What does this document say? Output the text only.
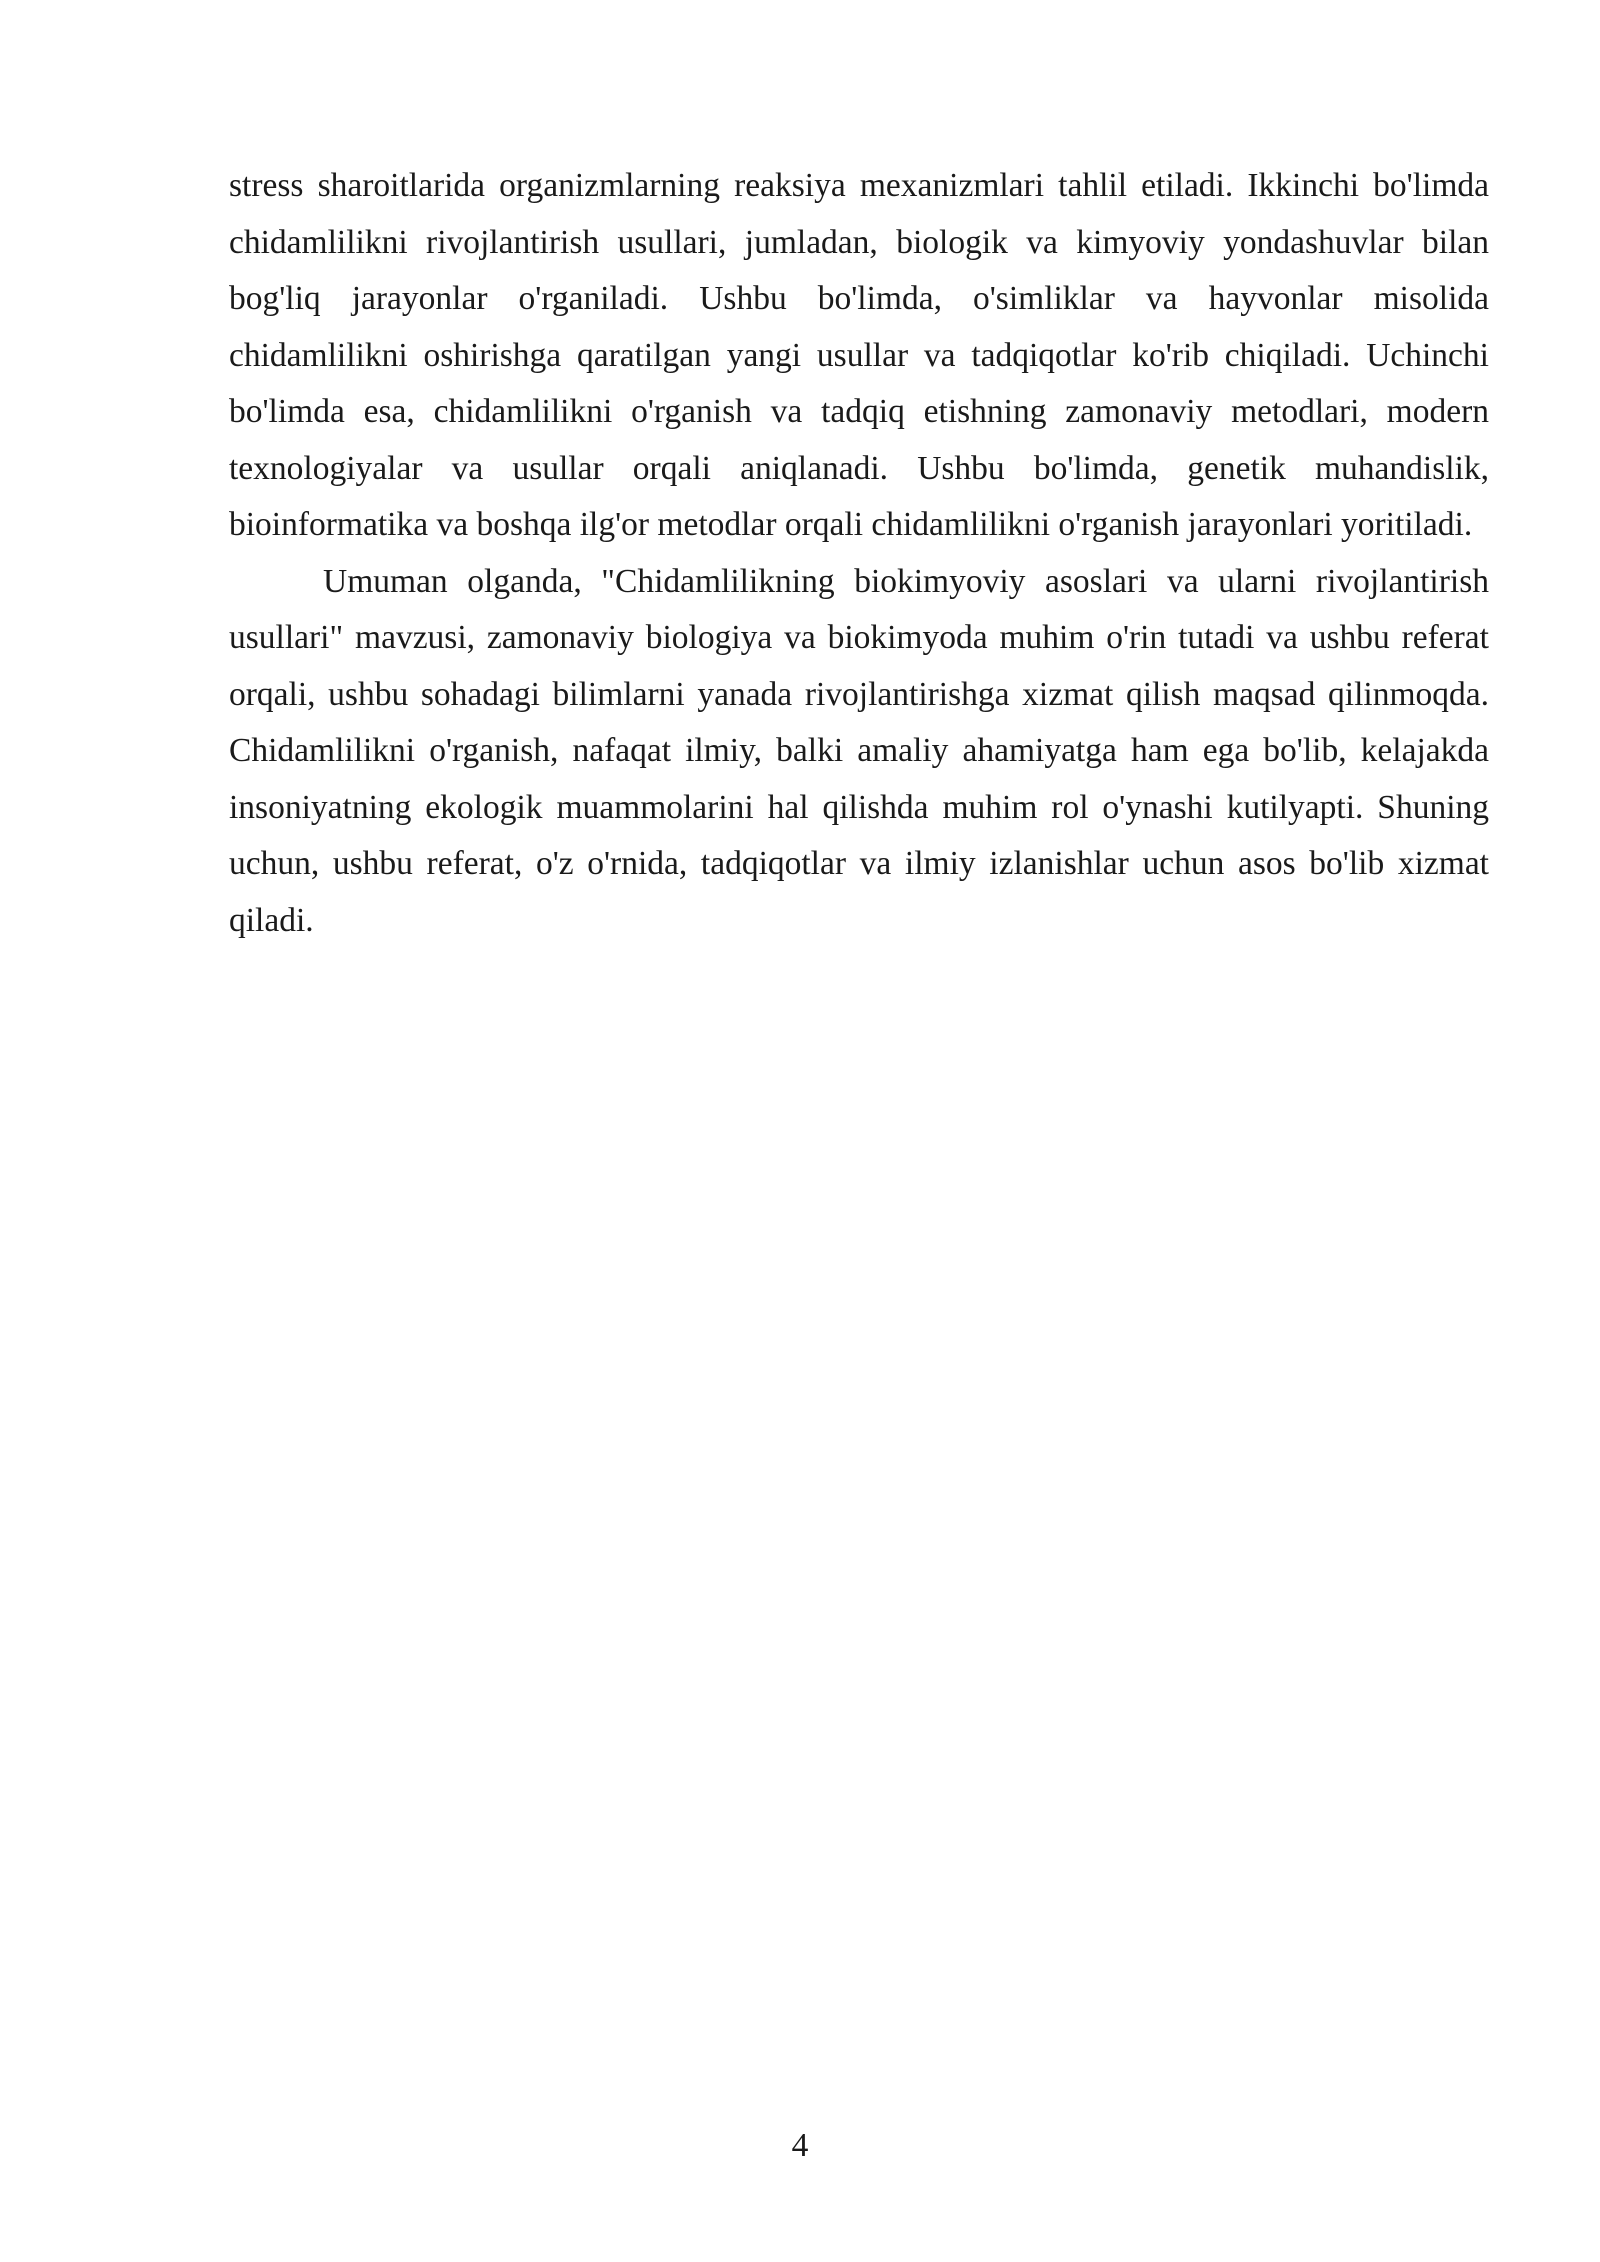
stress sharoitlarida organizmlarning reaksiya mexanizmlari tahlil etiladi. Ikkinchi bo'limda chidamlilikni rivojlantirish usullari, jumladan, biologik va kimyoviy yondashuvlar bilan bog'liq jarayonlar o'rganiladi. Ushbu bo'limda, o'simliklar va hayvonlar misolida chidamlilikni oshirishga qaratilgan yangi usullar va tadqiqotlar ko'rib chiqiladi. Uchinchi bo'limda esa, chidamlilikni o'rganish va tadqiq etishning zamonaviy metodlari, modern texnologiyalar va usullar orqali aniqlanadi. Ushbu bo'limda, genetik muhandislik, bioinformatika va boshqa ilg'or metodlar orqali chidamlilikni o'rganish jarayonlari yoritiladi.

Umuman olganda, "Chidamlilikning biokimyoviy asoslari va ularni rivojlantirish usullari" mavzusi, zamonaviy biologiya va biokimyoda muhim o'rin tutadi va ushbu referat orqali, ushbu sohadagi bilimlarni yanada rivojlantirishga xizmat qilish maqsad qilinmoqda. Chidamlilikni o'rganish, nafaqat ilmiy, balki amaliy ahamiyatga ham ega bo'lib, kelajakda insoniyatning ekologik muammolarini hal qilishda muhim rol o'ynashi kutilyapti. Shuning uchun, ushbu referat, o'z o'rnida, tadqiqotlar va ilmiy izlanishlar uchun asos bo'lib xizmat qiladi.

4
